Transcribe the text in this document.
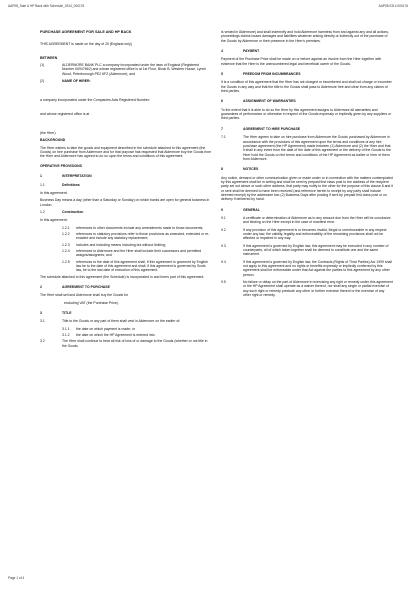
AAP08_Sale & HP Back with Schedule_0314_000176	AAP08 0314 000176
PURCHASE AGREEMENT FOR SALE AND HP BACK

THIS AGREEMENT is made on the day of 20 [England only]

BETWEEN
(1)	ALDERMORE BANK PLC a company incorporated under the laws of England (Registered Number 00947662) and whose registered office is at 1st Floor, Block B, Western House, Lynch Wood, Peterborough PE2 6FZ (Aldermore); and
(2)	NAME OF HIRER:

a company incorporated under the Companies Acts Registered Number:

and whose registered office is at

(the Hirer).

BACKGROUND

The Hirer wishes to take the goods and equipment described in the schedule attached to this agreement (the Goods) on hire purchase from Aldermore and for that purpose has requested that Aldermore buy the Goods from the Hirer and Aldermore has agreed to do so upon the terms and conditions of this agreement.

OPERATIVE PROVISIONS
1	INTERPRETATION
1.1	Definitions

In this agreement:

Business Day means a day (other than a Saturday or Sunday) on which banks are open for general business in London.

1.2	Construction

In this agreement:

1.2.1	references to other documents include any amendments made to those documents,
1.2.2	references to statutory provisions refer to those provisions as amended, extended or re-enacted and include any statutory replacement;
1.2.3	includes and including means including but without limiting;
1.2.4	references to Aldermore and the Hirer shall include their successors and permitted assigns/assignees; and
1.2.5	references to the date of this agreement shall, if this agreement is governed by English law be to the date of this agreement and shall, if this agreement is governed by Scots law, be to the last date of execution of this agreement.

The schedule attached to this agreement (the Schedule) is incorporated in and forms part of this agreement.

2	AGREEMENT TO PURCHASE

The Hirer shall sell and Aldermore shall buy the Goods for

excluding VAT (the Purchase Price).

3	TITLE
3.1	Title to the Goods or any part of them shall vest in Aldermore on the earlier of:
3.1.1	the date on which payment is made; or
3.1.2	the date on which the HP Agreement is entered into.
3.2	The Hirer shall continue to bear all risk of loss of or damage to the Goods (whether or not title in the Goods

is vested in Aldermore) and shall indemnify and hold Aldermore harmless from and against any and all actions, proceedings claims losses damages and liabilities whatever arising directly or indirectly out of the purchase of the Goods by Aldermore or their presence in the Hirer's premises.

4	PAYMENT

Payment of the Purchase Price shall be made on or before against an invoice from the Hirer together with evidence that the Hirer is the unencumbered legal and beneficial owner of the Goods.

5	FREEDOM FROM INCUMBRANCES

It is a condition of this agreement that the Hirer has not charged or incumbered and shall not charge or incumber the Goods in any way and that the title to the Goods shall pass to Aldermore free and clear from any claims of third parties.

6	ASSIGNMENT OF WARRANTIES

To the extent that it is able to do so the Hirer by this agreement assigns to Aldermore all warranties and guarantees of performance or otherwise in respect of the Goods expressly or impliedly given by any suppliers or third parties.

7	AGREEMENT TO HIRE PURCHASE
7.1	The Hirer agrees to take on hire purchase from Aldermore the Goods purchased by Aldermore in accordance with the provisions of this agreement upon the terms and conditions of any hire purchase agreement (the HP Agreement) made between (1) Aldermore and (2) the Hirer and that it shall in any event from the date of the date of this agreement or the delivery of the Goods to the Hirer hold the Goods on the terms and conditions of the HP Agreement as bailee or hirer of them from Aldermore.
8	NOTICES

Any notice, demand or other communication given or made under or in connection with the matters contemplated by this agreement shall be in writing and shall be sent by prepaid first class post to the address of the recipient party set out above or such other address, that party may notify to the other for the purpose of this clause 8 and it or sent shall be deemed to have been received (and reference herein to receipt by any party shall include deemed receipt) by the addressee two (2) Business Days after posting if sent by prepaid first class post or on delivery if delivered by hand.

9	GENERAL
9.1	A certificate or determination of Aldermore as to any amount due from the Hirer will be conclusive and binding on the Hirer except in the case of manifest error.
9.2	If any provision of this agreement is or becomes invalid, illegal or unenforceable in any respect under any law, the validity, legality and enforceability of the remaining provisions shall not be affected or impaired in any way.
9.3	If this agreement is governed by English law, this agreement may be executed in any number of counterparts, all of which taken together shall be deemed to constitute one and the same instrument.
9.4	If this agreement is governed by English law, the Contracts (Rights of Third Parties) Act 1999 shall not apply to this agreement and no rights or benefits expressly or impliedly conferred by this agreement shall be enforceable under that Act against the parties to this agreement by any other person.
9.5	No failure or delay on the part of Aldermore in exercising any right or remedy under this agreement or the HP Agreement shall operate as a waiver thereof, nor shall any single or partial exercise of any such right or remedy preclude any other or further exercise thereof or the exercise of any other right or remedy.
Page 1 of 4
